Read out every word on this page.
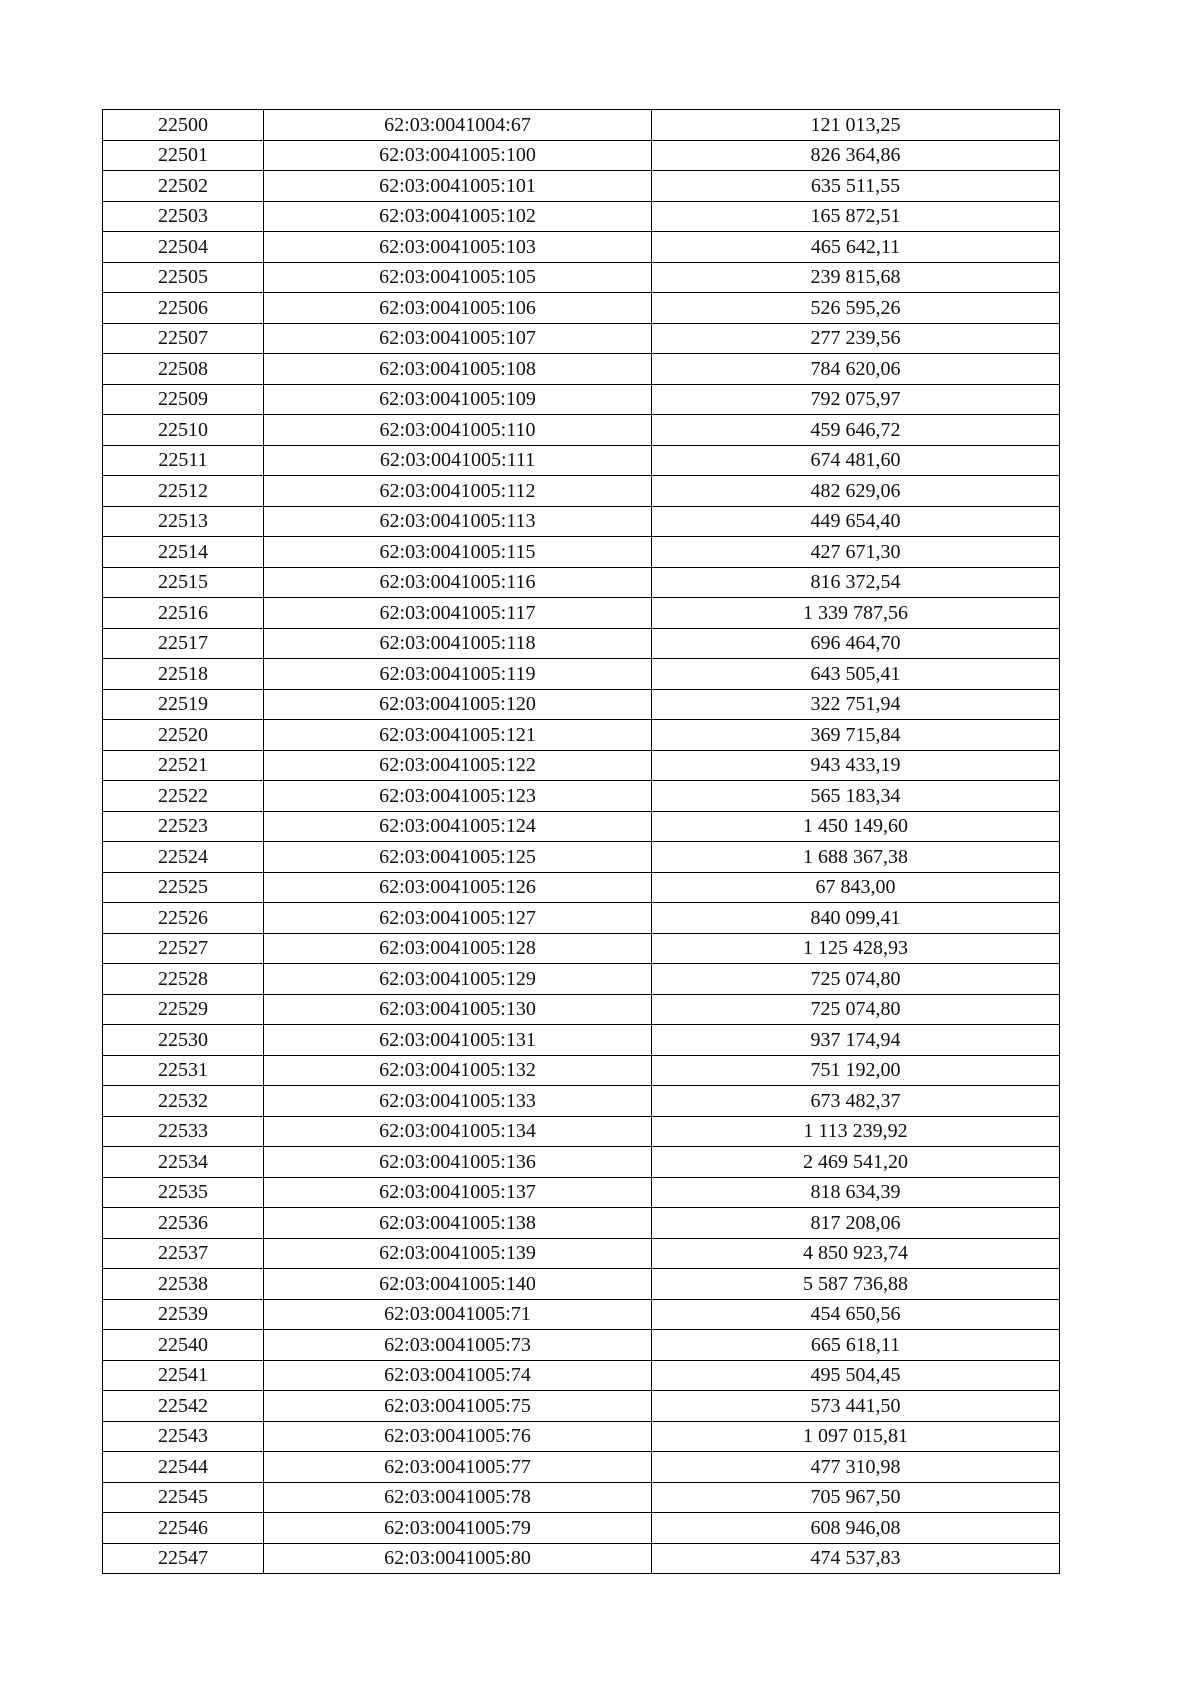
22500	62:03:0041004:67	121 013,25
22501	62:03:0041005:100	826 364,86
22502	62:03:0041005:101	635 511,55
22503	62:03:0041005:102	165 872,51
22504	62:03:0041005:103	465 642,11
22505	62:03:0041005:105	239 815,68
22506	62:03:0041005:106	526 595,26
22507	62:03:0041005:107	277 239,56
22508	62:03:0041005:108	784 620,06
22509	62:03:0041005:109	792 075,97
22510	62:03:0041005:110	459 646,72
22511	62:03:0041005:111	674 481,60
22512	62:03:0041005:112	482 629,06
22513	62:03:0041005:113	449 654,40
22514	62:03:0041005:115	427 671,30
22515	62:03:0041005:116	816 372,54
22516	62:03:0041005:117	1 339 787,56
22517	62:03:0041005:118	696 464,70
22518	62:03:0041005:119	643 505,41
22519	62:03:0041005:120	322 751,94
22520	62:03:0041005:121	369 715,84
22521	62:03:0041005:122	943 433,19
22522	62:03:0041005:123	565 183,34
22523	62:03:0041005:124	1 450 149,60
22524	62:03:0041005:125	1 688 367,38
22525	62:03:0041005:126	67 843,00
22526	62:03:0041005:127	840 099,41
22527	62:03:0041005:128	1 125 428,93
22528	62:03:0041005:129	725 074,80
22529	62:03:0041005:130	725 074,80
22530	62:03:0041005:131	937 174,94
22531	62:03:0041005:132	751 192,00
22532	62:03:0041005:133	673 482,37
22533	62:03:0041005:134	1 113 239,92
22534	62:03:0041005:136	2 469 541,20
22535	62:03:0041005:137	818 634,39
22536	62:03:0041005:138	817 208,06
22537	62:03:0041005:139	4 850 923,74
22538	62:03:0041005:140	5 587 736,88
22539	62:03:0041005:71	454 650,56
22540	62:03:0041005:73	665 618,11
22541	62:03:0041005:74	495 504,45
22542	62:03:0041005:75	573 441,50
22543	62:03:0041005:76	1 097 015,81
22544	62:03:0041005:77	477 310,98
22545	62:03:0041005:78	705 967,50
22546	62:03:0041005:79	608 946,08
22547	62:03:0041005:80	474 537,83
